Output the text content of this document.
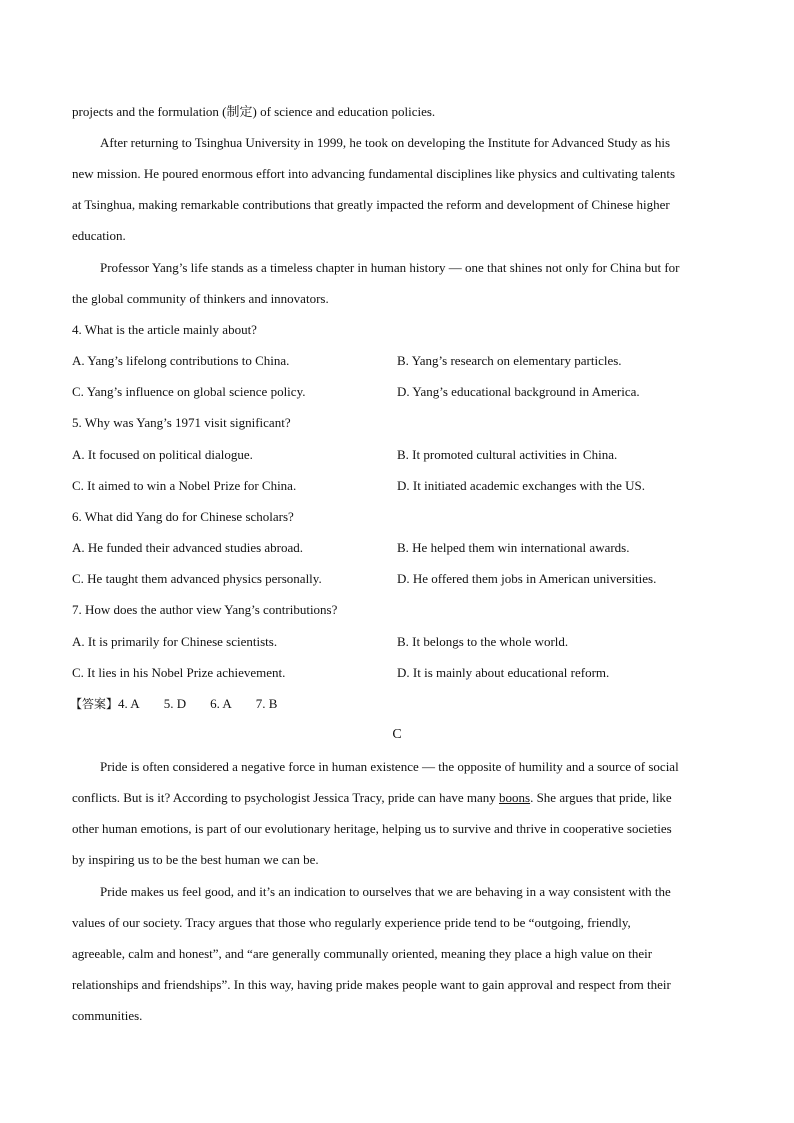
projects and the formulation (制定) of science and education policies.
After returning to Tsinghua University in 1999, he took on developing the Institute for Advanced Study as his
new mission. He poured enormous effort into advancing fundamental disciplines like physics and cultivating talents
at Tsinghua, making remarkable contributions that greatly impacted the reform and development of Chinese higher
education.
Professor Yang’s life stands as a timeless chapter in human history — one that shines not only for China but for
the global community of thinkers and innovators.
4. What is the article mainly about?
A. Yang’s lifelong contributions to China.	B. Yang’s research on elementary particles.
C. Yang’s influence on global science policy.	D. Yang’s educational background in America.
5. Why was Yang’s 1971 visit significant?
A. It focused on political dialogue.	B. It promoted cultural activities in China.
C. It aimed to win a Nobel Prize for China.	D. It initiated academic exchanges with the US.
6. What did Yang do for Chinese scholars?
A. He funded their advanced studies abroad.	B. He helped them win international awards.
C. He taught them advanced physics personally.	D. He offered them jobs in American universities.
7. How does the author view Yang’s contributions?
A. It is primarily for Chinese scientists.	B. It belongs to the whole world.
C. It lies in his Nobel Prize achievement.	D. It is mainly about educational reform.
【答案】4. A 5. D 6. A 7. B
C
Pride is often considered a negative force in human existence — the opposite of humility and a source of social
conflicts. But is it? According to psychologist Jessica Tracy, pride can have many boons. She argues that pride, like
other human emotions, is part of our evolutionary heritage, helping us to survive and thrive in cooperative societies
by inspiring us to be the best human we can be.
Pride makes us feel good, and it’s an indication to ourselves that we are behaving in a way consistent with the
values of our society. Tracy argues that those who regularly experience pride tend to be “outgoing, friendly,
agreeable, calm and honest”, and “are generally communally oriented, meaning they place a high value on their
relationships and friendships”. In this way, having pride makes people want to gain approval and respect from their
communities.
